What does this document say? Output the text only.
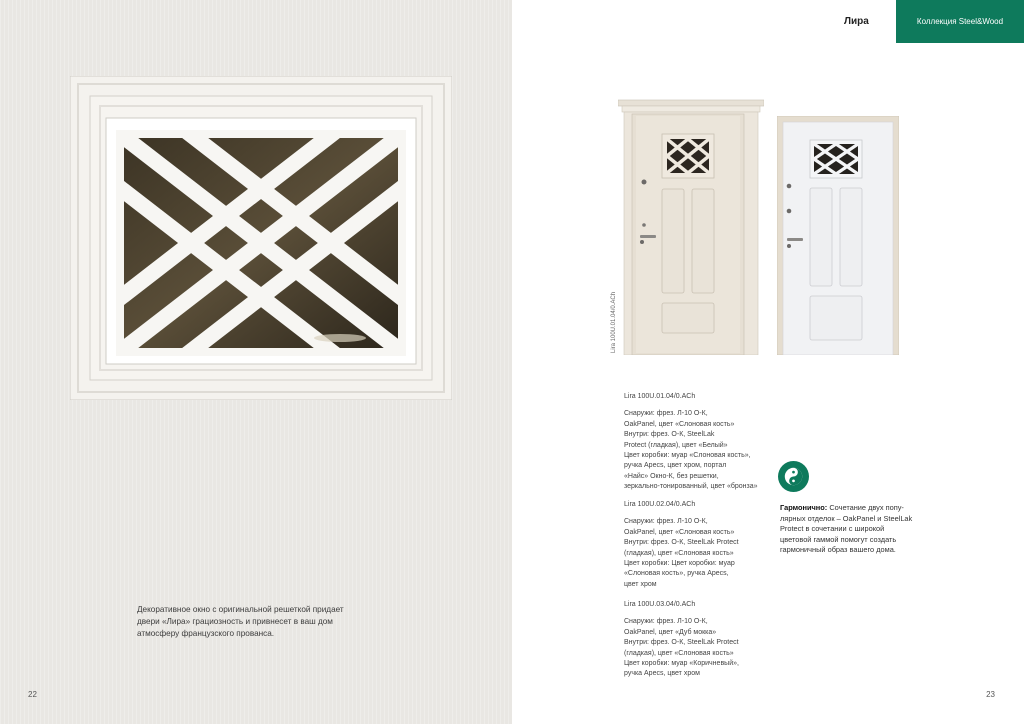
Декоративное окно с оригинальной решеткой придает
двери «Лира» грациозность и привнесет в ваш дом
атмосферу французского прованса.
22
Лира	Коллекция Steel&Wood
Lira 100U.01.04/0.ACh
Lira 100U.01.04/0.ACh
Снаружи: фрез. Л-10 О-К,
OakPanel, цвет «Слоновая кость»
Внутри: фрез. О-К, SteelLak
Protect (гладкая), цвет «Белый»
Цвет коробки: муар «Слоновая кость»,
ручка Apecs, цвет хром, портал
«Найс» Окно-К, без решетки,
зеркально-тонированный, цвет «бронза»
Lira 100U.02.04/0.ACh
Снаружи: фрез. Л-10 О-К,
OakPanel, цвет «Слоновая кость»
Внутри: фрез. О-К, SteelLak Protect
(гладкая), цвет «Слоновая кость»
Цвет коробки: Цвет коробки: муар
«Слоновая кость», ручка Apecs,
цвет хром
Lira 100U.03.04/0.ACh
Снаружи: фрез. Л-10 О-К,
OakPanel, цвет «Дуб мокка»
Внутри: фрез. О-К, SteelLak Protect
(гладкая), цвет «Слоновая кость»
Цвет коробки: муар «Коричневый»,
ручка Apecs, цвет хром
Гармонично: Сочетание двух попу-
лярных отделок – OakPanel и SteelLak
Protect в сочетании с широкой
цветовой гаммой помогут создать
гармоничный образ вашего дома.
23
